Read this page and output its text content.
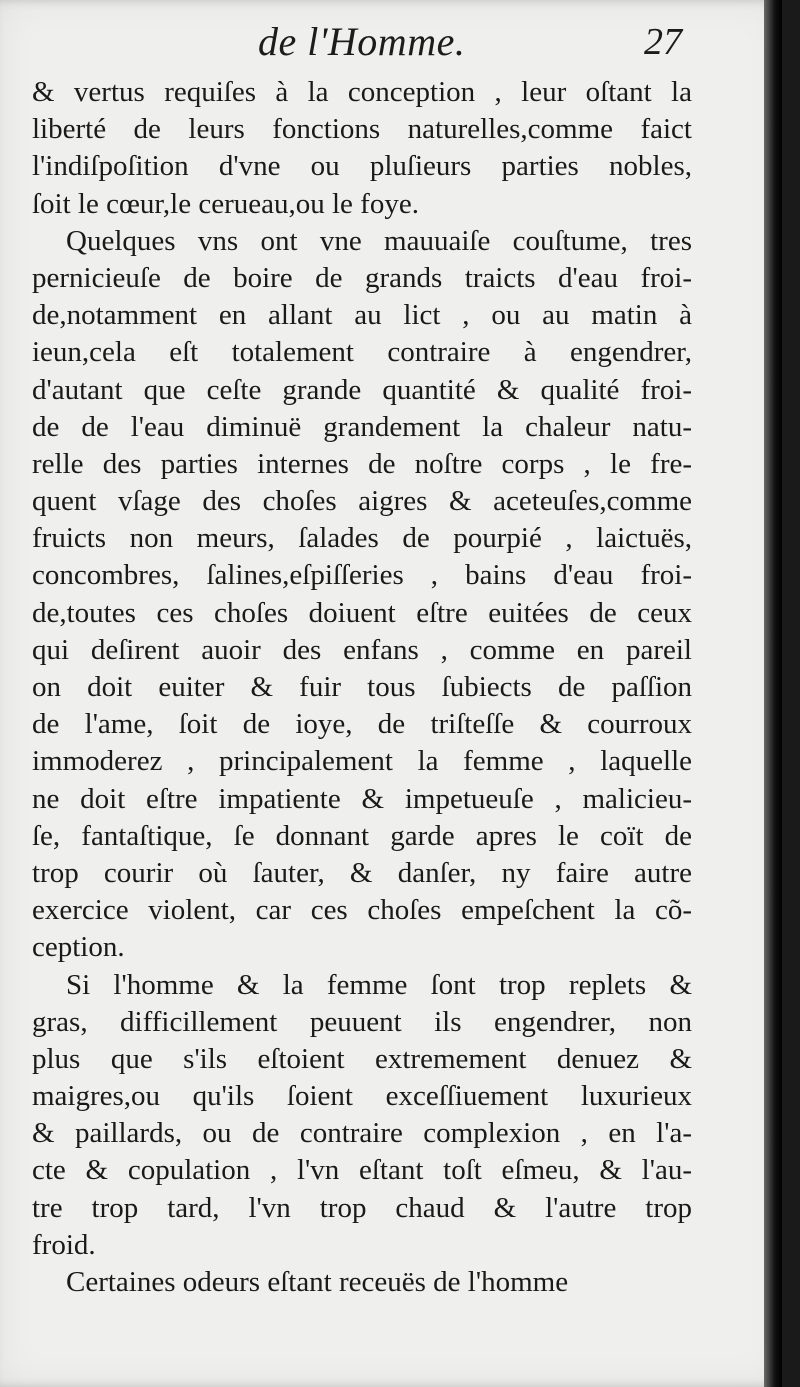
de l'Homme.	27
& vertus requiſes à la conception , leur oſtant la
liberté de leurs fonctions naturelles,comme faict
l'indiſpoſition d'vne ou pluſieurs parties nobles,
ſoit le cœur,le cerueau,ou le foye.
Quelques vns ont vne mauuaiſe couſtume, tres
pernicieuſe de boire de grands traicts d'eau froi-
de,notamment en allant au lict , ou au matin à
ieun,cela eſt totalement contraire à engendrer,
d'autant que ceſte grande quantité & qualité froi-
de de l'eau diminuë grandement la chaleur natu-
relle des parties internes de noſtre corps , le fre-
quent vſage des choſes aigres & aceteuſes,comme
fruicts non meurs, ſalades de pourpié , laictuës,
concombres, ſalines,eſpiſſeries , bains d'eau froi-
de,toutes ces choſes doiuent eſtre euitées de ceux
qui deſirent auoir des enfans , comme en pareil
on doit euiter & fuir tous ſubiects de paſſion
de l'ame, ſoit de ioye, de triſteſſe & courroux
immoderez , principalement la femme , laquelle
ne doit eſtre impatiente & impetueuſe , malicieu-
ſe, fantaſtique, ſe donnant garde apres le coït de
trop courir où ſauter, & danſer, ny faire autre
exercice violent, car ces choſes empeſchent la cõ-
ception.
Si l'homme & la femme ſont trop replets &
gras, difficillement peuuent ils engendrer, non
plus que s'ils eſtoient extremement denuez &
maigres,ou qu'ils ſoient exceſſiuement luxurieux
& paillards, ou de contraire complexion , en l'a-
cte & copulation , l'vn eſtant toſt eſmeu, & l'au-
tre trop tard, l'vn trop chaud & l'autre trop
froid.
Certaines odeurs eſtant receuës de l'homme
